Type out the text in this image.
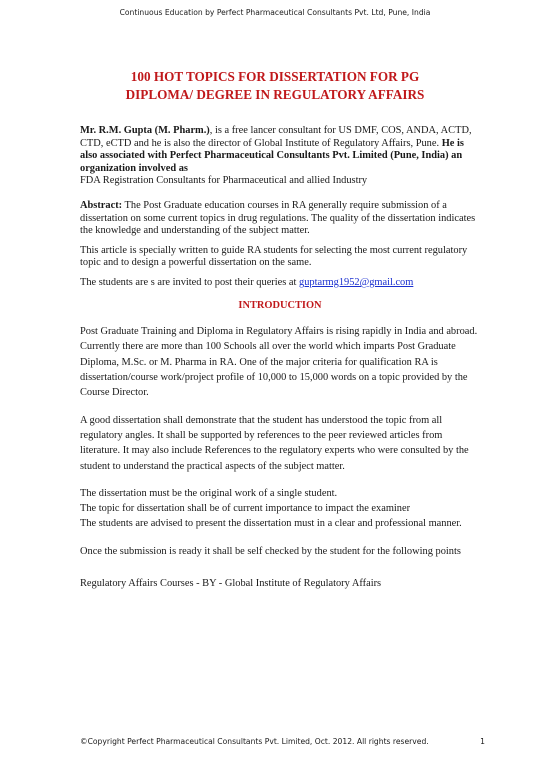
Continuous Education by Perfect Pharmaceutical Consultants Pvt. Ltd, Pune, India
100 HOT TOPICS FOR DISSERTATION FOR PG
DIPLOMA/ DEGREE IN REGULATORY AFFAIRS

Mr. R.M. Gupta (M. Pharm.), is a free lancer consultant for US DMF, COS, ANDA, ACTD, CTD, eCTD and he is also the director of Global Institute of Regulatory Affairs, Pune. He is also associated with Perfect Pharmaceutical Consultants Pvt. Limited (Pune, India) an organization involved as
FDA Registration Consultants for Pharmaceutical and allied Industry

Abstract: The Post Graduate education courses in RA generally require submission of a dissertation on some current topics in drug regulations. The quality of the dissertation indicates the knowledge and understanding of the subject matter.

This article is specially written to guide RA students for selecting the most current regulatory topic and to design a powerful dissertation on the same.

The students are s are invited to post their queries at guptarmg1952@gmail.com

INTRODUCTION

Post Graduate Training and Diploma in Regulatory Affairs is rising rapidly in India and abroad. Currently there are more than 100 Schools all over the world which imparts Post Graduate Diploma, M.Sc. or M. Pharma in RA. One of the major criteria for qualification RA is dissertation/course work/project profile of 10,000 to 15,000 words on a topic provided by the Course Director.

A good dissertation shall demonstrate that the student has understood the topic from all regulatory angles. It shall be supported by references to the peer reviewed articles from literature. It may also include References to the regulatory experts who were consulted by the student to understand the practical aspects of the subject matter.

The dissertation must be the original work of a single student.
The topic for dissertation shall be of current importance to impact the examiner
The students are advised to present the dissertation must in a clear and professional manner.

Once the submission is ready it shall be self checked by the student for the following points

Regulatory Affairs Courses - BY - Global Institute of Regulatory Affairs

©Copyright Perfect Pharmaceutical Consultants Pvt. Limited, Oct. 2012. All rights reserved.	1
